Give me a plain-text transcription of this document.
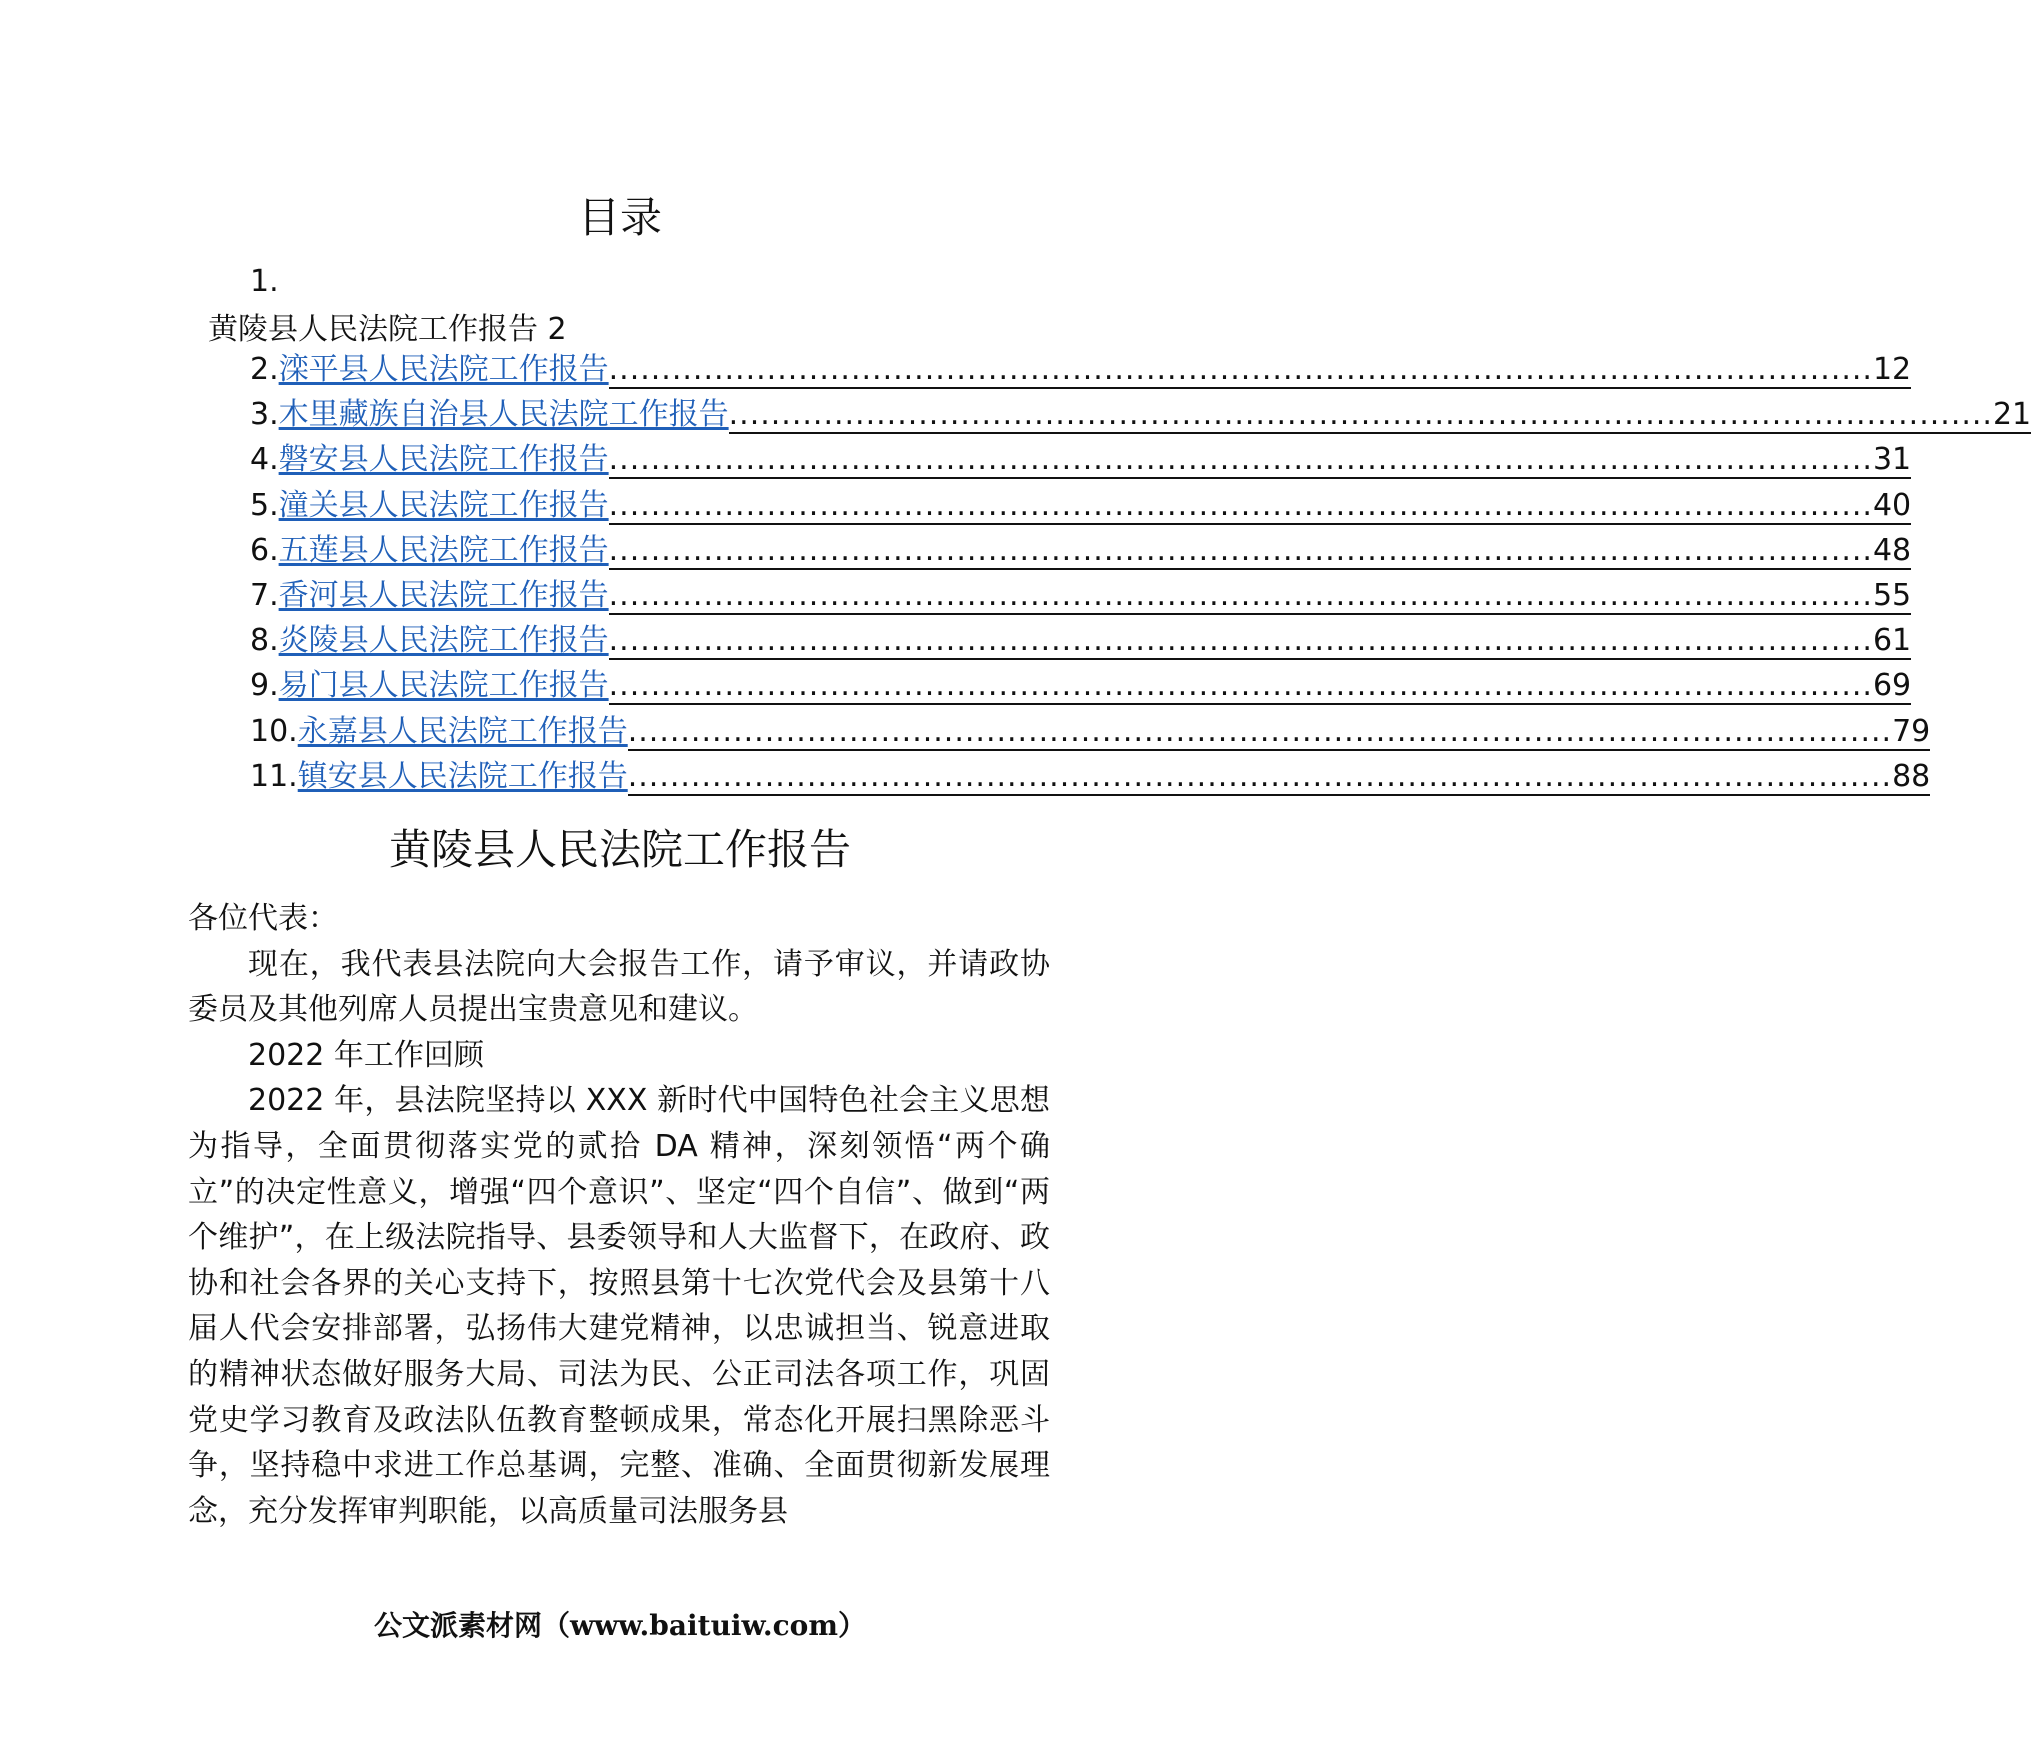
目录
1.
黄陵县人民法院工作报告 2
2. 滦平县人民法院工作报告 ........................................................................................................................ 12
3. 木里藏族自治县人民法院工作报告 ........................................................................................................................ 21
4. 磐安县人民法院工作报告 ........................................................................................................................ 31
5. 潼关县人民法院工作报告 ........................................................................................................................ 40
6. 五莲县人民法院工作报告 ........................................................................................................................ 48
7. 香河县人民法院工作报告 ........................................................................................................................ 55
8. 炎陵县人民法院工作报告 ........................................................................................................................ 61
9. 易门县人民法院工作报告 ........................................................................................................................ 69
10. 永嘉县人民法院工作报告 ........................................................................................................................ 79
11. 镇安县人民法院工作报告 ........................................................................................................................ 88
黄陵县人民法院工作报告

各位代表：

现在，我代表县法院向大会报告工作，请予审议，并请政协委员及其他列席人员提出宝贵意见和建议。

2022 年工作回顾

2022 年，县法院坚持以 XXX 新时代中国特色社会主义思想为指导，全面贯彻落实党的贰拾 DA 精神，深刻领悟“两个确立”的决定性意义，增强“四个意识”、坚定“四个自信”、做到“两个维护”，在上级法院指导、县委领导和人大监督下，在政府、政协和社会各界的关心支持下，按照县第十七次党代会及县第十八届人代会安排部署，弘扬伟大建党精神，以忠诚担当、锐意进取的精神状态做好服务大局、司法为民、公正司法各项工作，巩固党史学习教育及政法队伍教育整顿成果，常态化开展扫黑除恶斗争，坚持稳中求进工作总基调，完整、准确、全面贯彻新发展理念，充分发挥审判职能，以高质量司法服务县

公文派素材网（www.baituiw.com）
